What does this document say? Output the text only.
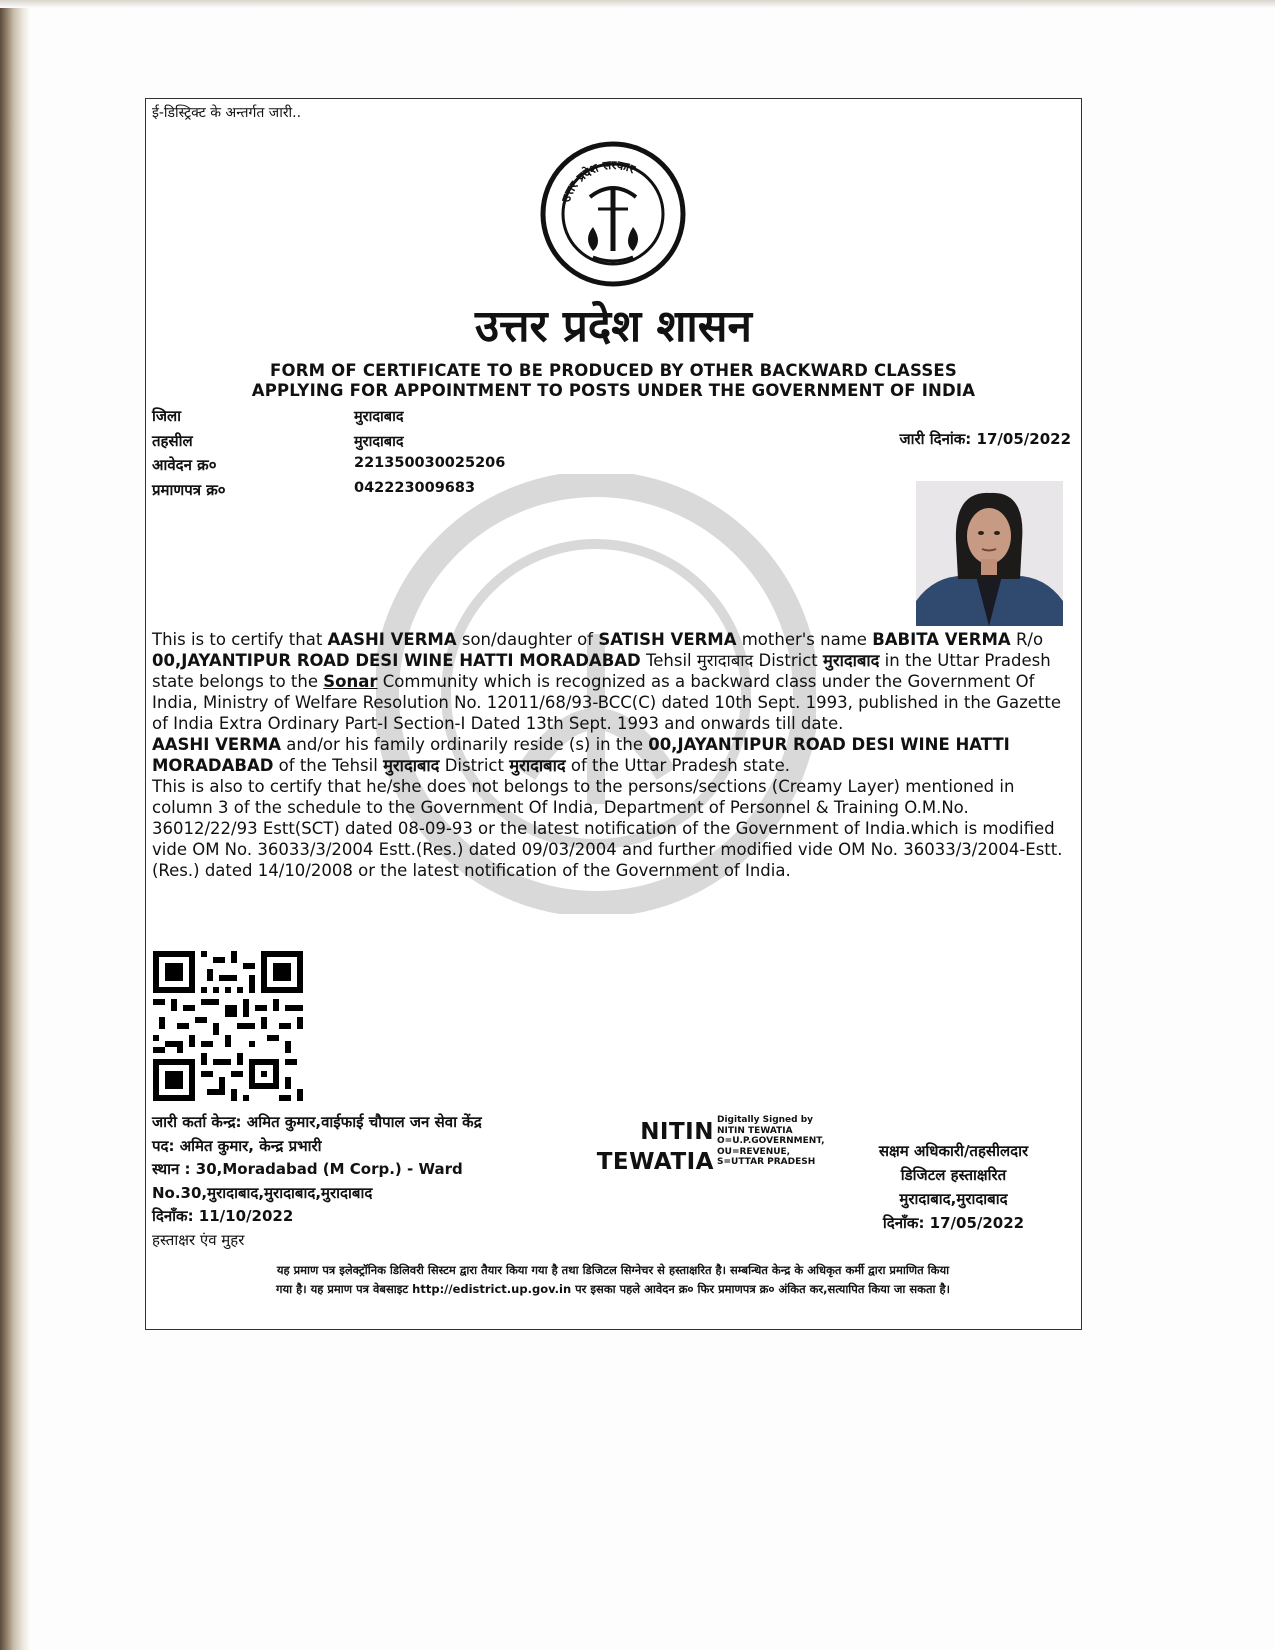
ई-डिस्ट्रिक्ट के अन्तर्गत जारी..
उत्तर प्रदेश सरकार
उत्तर प्रदेश शासन
FORM OF CERTIFICATE TO BE PRODUCED BY OTHER BACKWARD CLASSES
APPLYING FOR APPOINTMENT TO POSTS UNDER THE GOVERNMENT OF INDIA
जिला	मुरादाबाद
तहसील	मुरादाबाद
आवेदन क्र०	221350030025206
प्रमाणपत्र क्र०	042223009683
जारी दिनांक: 17/05/2022

This is to certify that AASHI VERMA son/daughter of SATISH VERMA mother's name BABITA VERMA R/o 00,JAYANTIPUR ROAD DESI WINE HATTI MORADABAD Tehsil मुरादाबाद District मुरादाबाद in the Uttar Pradesh state belongs to the Sonar Community which is recognized as a backward class under the Government Of India, Ministry of Welfare Resolution No. 12011/68/93-BCC(C) dated 10th Sept. 1993, published in the Gazette of India Extra Ordinary Part-I Section-I Dated 13th Sept. 1993 and onwards till date.

AASHI VERMA and/or his family ordinarily reside (s) in the 00,JAYANTIPUR ROAD DESI WINE HATTI MORADABAD of the Tehsil मुरादाबाद District मुरादाबाद of the Uttar Pradesh state.

This is also to certify that he/she does not belongs to the persons/sections (Creamy Layer) mentioned in column 3 of the schedule to the Government Of India, Department of Personnel & Training O.M.No. 36012/22/93 Estt(SCT) dated 08-09-93 or the latest notification of the Government of India.which is modified vide OM No. 36033/3/2004 Estt.(Res.) dated 09/03/2004 and further modified vide OM No. 36033/3/2004-Estt. (Res.) dated 14/10/2008 or the latest notification of the Government of India.

जारी कर्ता केन्द्र: अमित कुमार,वाईफाई चौपाल जन सेवा केंद्र
पद: अमित कुमार, केन्द्र प्रभारी
स्थान : 30,Moradabad (M Corp.) - Ward
No.30,मुरादाबाद,मुरादाबाद,मुरादाबाद
दिनाँक: 11/10/2022
हस्ताक्षर एंव मुहर
NITIN
TEWATIA
Digitally Signed by
NITIN TEWATIA
O=U.P.GOVERNMENT,
OU=REVENUE,
S=UTTAR PRADESH
सक्षम अधिकारी/तहसीलदार
डिजिटल हस्ताक्षरित
मुरादाबाद,मुरादाबाद
दिनाँक: 17/05/2022
यह प्रमाण पत्र इलेक्ट्रॉनिक डिलिवरी सिस्टम द्वारा तैयार किया गया है तथा डिजिटल सिग्नेचर से हस्ताक्षरित है। सम्बन्धित केन्द्र के अधिकृत कर्मी द्वारा प्रमाणित किया
गया है। यह प्रमाण पत्र वेबसाइट http://edistrict.up.gov.in पर इसका पहले आवेदन क्र० फिर प्रमाणपत्र क्र० अंकित कर,सत्यापित किया जा सकता है।
